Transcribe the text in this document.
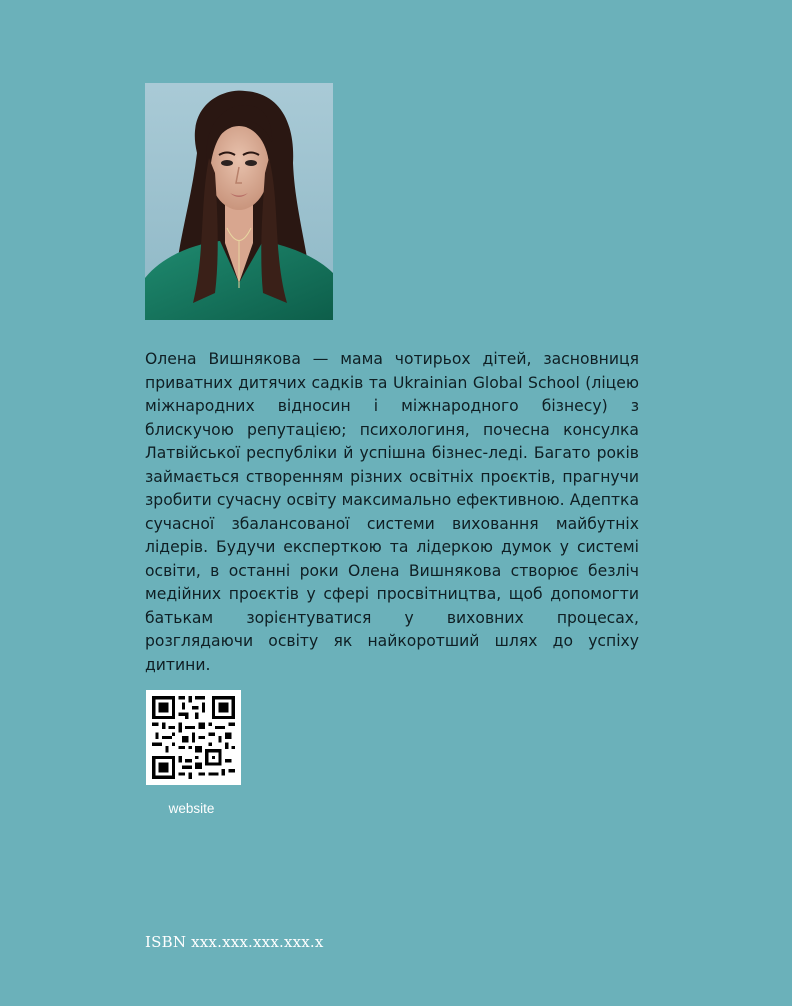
Олена Вишнякова — мама чотирьох дітей, засновниця приватних дитячих садків та Ukrainian Global School (ліцею міжнародних відносин і міжнародного бізнесу) з блискучою репутацією; психологиня, почесна консулка Латвійської республіки й успішна бізнес-леді. Багато років займається створенням різних освітніх проєктів, прагнучи зробити сучасну освіту максимально ефективною. Адептка сучасної збалансованої системи виховання майбутніх лідерів. Будучи експерткою та лідеркою думок у системі освіти, в останні роки Олена Вишнякова створює безліч медійних проєктів у сфері просвітництва, щоб допомогти батькам зорієнтуватися у виховних процесах, розглядаючи освіту як найкоротший шлях до успіху дитини.

website
ISBN xxx.xxx.xxx.xxx.x
